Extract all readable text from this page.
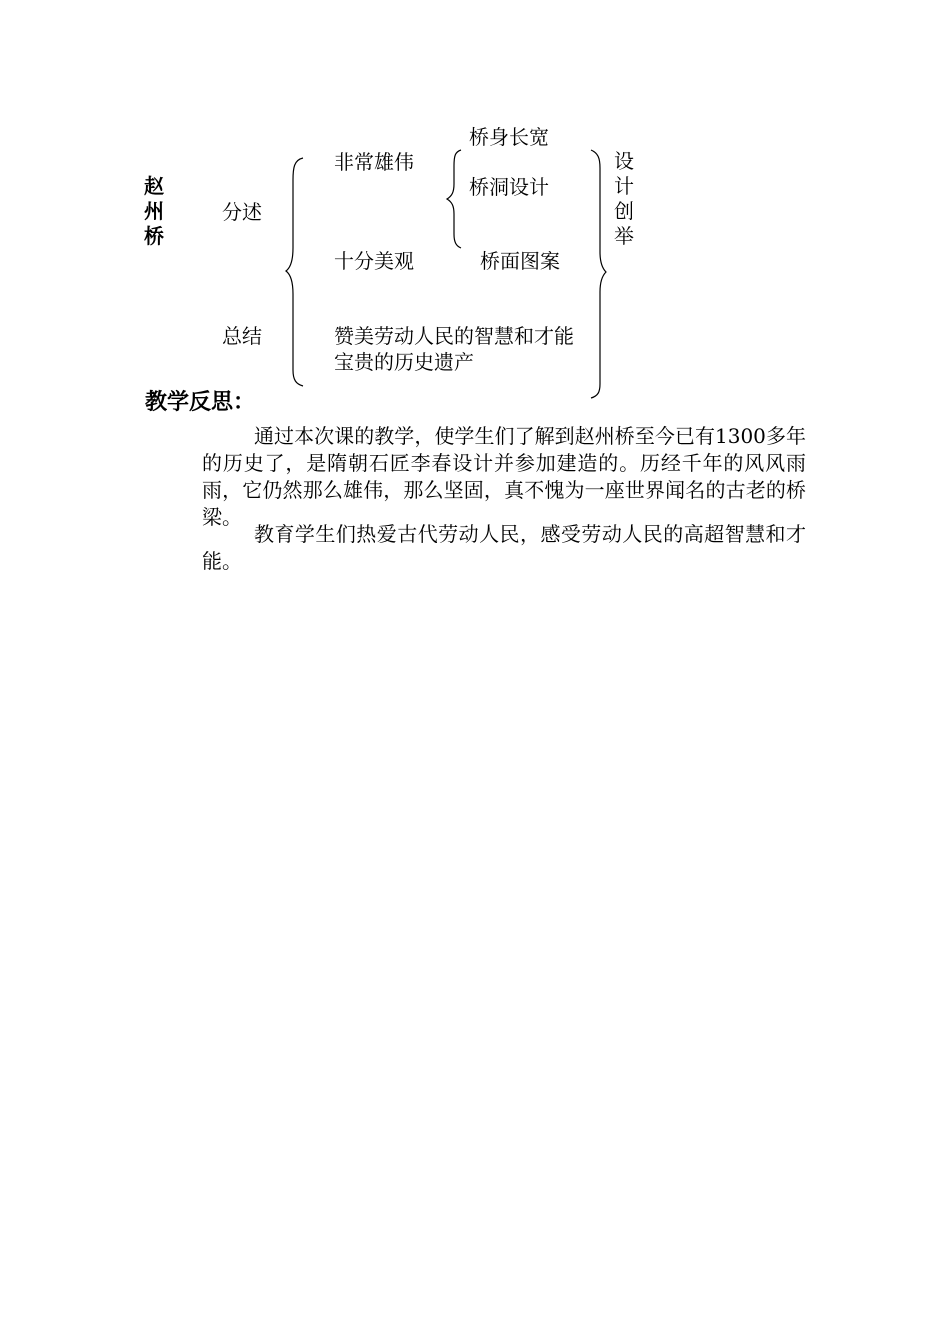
赵州桥
分述
总结
非常雄伟
十分美观
桥身长宽
桥洞设计
桥面图案
设计创举
赞美劳动人民的智慧和才能
宝贵的历史遗产
教学反思：

通过本次课的教学，使学生们了解到赵州桥至今已有1300多年的历史了，是隋朝石匠李春设计并参加建造的。历经千年的风风雨雨，它仍然那么雄伟，那么坚固，真不愧为一座世界闻名的古老的桥梁。

教育学生们热爱古代劳动人民，感受劳动人民的高超智慧和才能。
